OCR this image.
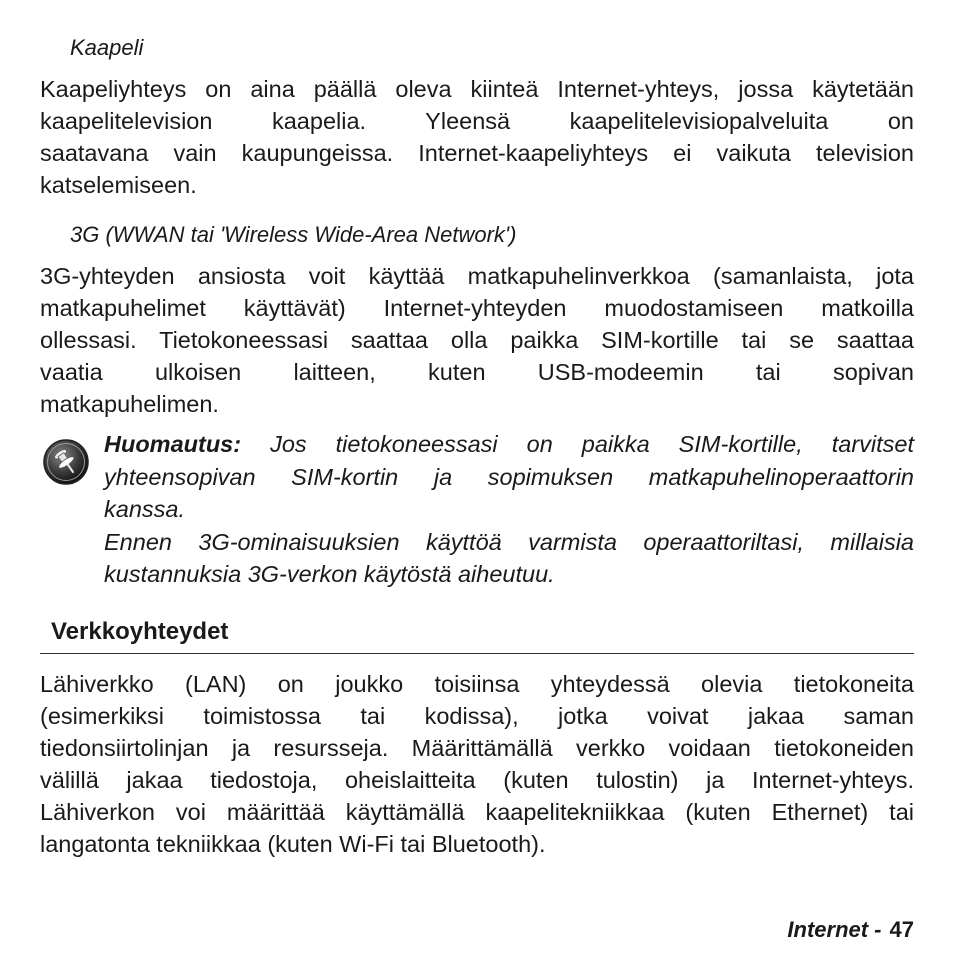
Kaapeli
Kaapeliyhteys on aina päällä oleva kiinteä Internet-yhteys, jossa käytetään
kaapelitelevision kaapelia. Yleensä kaapelitelevisiopalveluita on
saatavana vain kaupungeissa. Internet-kaapeliyhteys ei vaikuta television
katselemiseen.
3G (WWAN tai 'Wireless Wide-Area Network')
3G-yhteyden ansiosta voit käyttää matkapuhelinverkkoa (samanlaista, jota
matkapuhelimet käyttävät) Internet-yhteyden muodostamiseen matkoilla
ollessasi. Tietokoneessasi saattaa olla paikka SIM-kortille tai se saattaa
vaatia ulkoisen laitteen, kuten USB-modeemin tai sopivan
matkapuhelimen.
Huomautus: Jos tietokoneessasi on paikka SIM-kortille, tarvitset
yhteensopivan SIM-kortin ja sopimuksen matkapuhelinoperaattorin
kanssa.
Ennen 3G-ominaisuuksien käyttöä varmista operaattoriltasi, millaisia
kustannuksia 3G-verkon käytöstä aiheutuu.
Verkkoyhteydet
Lähiverkko (LAN) on joukko toisiinsa yhteydessä olevia tietokoneita
(esimerkiksi toimistossa tai kodissa), jotka voivat jakaa saman
tiedonsiirtolinjan ja resursseja. Määrittämällä verkko voidaan tietokoneiden
välillä jakaa tiedostoja, oheislaitteita (kuten tulostin) ja Internet-yhteys.
Lähiverkon voi määrittää käyttämällä kaapelitekniikkaa (kuten Ethernet) tai
langatonta tekniikkaa (kuten Wi-Fi tai Bluetooth).
Internet - 47
